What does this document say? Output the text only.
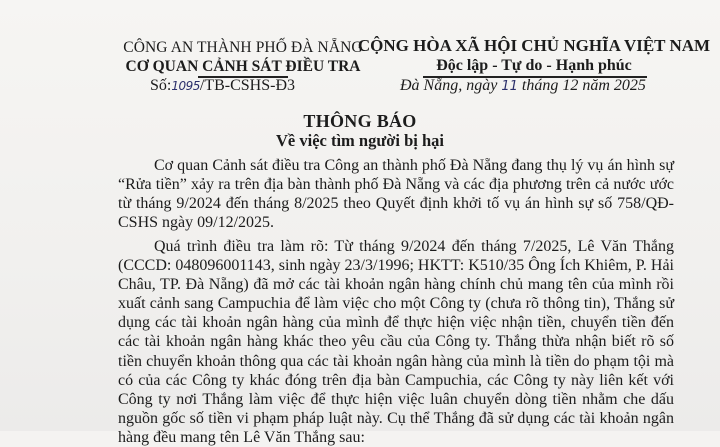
CÔNG AN THÀNH PHỐ ĐÀ NẴNG
CƠ QUAN CẢNH SÁT ĐIỀU TRA
CỘNG HÒA XÃ HỘI CHỦ NGHĨA VIỆT NAM
Độc lập - Tự do - Hạnh phúc
Số:1095/TB-CSHS-Đ3	Đà Nẵng, ngày 11 tháng 12 năm 2025
THÔNG BÁO
Về việc tìm người bị hại

Cơ quan Cảnh sát điều tra Công an thành phố Đà Nẵng đang thụ lý vụ án hình sự “Rửa tiền” xảy ra trên địa bàn thành phố Đà Nẵng và các địa phương trên cả nước ước từ tháng 9/2024 đến tháng 8/2025 theo Quyết định khởi tố vụ án hình sự số 758/QĐ-CSHS ngày 09/12/2025.

Quá trình điều tra làm rõ: Từ tháng 9/2024 đến tháng 7/2025, Lê Văn Thắng (CCCD: 048096001143, sinh ngày 23/3/1996; HKTT: K510/35 Ông Ích Khiêm, P. Hải Châu, TP. Đà Nẵng) đã mở các tài khoản ngân hàng chính chủ mang tên của mình rồi xuất cảnh sang Campuchia để làm việc cho một Công ty (chưa rõ thông tin), Thắng sử dụng các tài khoản ngân hàng của mình để thực hiện việc nhận tiền, chuyển tiền đến các tài khoản ngân hàng khác theo yêu cầu của Công ty. Thắng thừa nhận biết rõ số tiền chuyển khoản thông qua các tài khoản ngân hàng của mình là tiền do phạm tội mà có của các Công ty khác đóng trên địa bàn Campuchia, các Công ty này liên kết với Công ty nơi Thắng làm việc để thực hiện việc luân chuyển dòng tiền nhằm che dấu nguồn gốc số tiền vi phạm pháp luật này. Cụ thể Thắng đã sử dụng các tài khoản ngân hàng đều mang tên Lê Văn Thắng sau:
